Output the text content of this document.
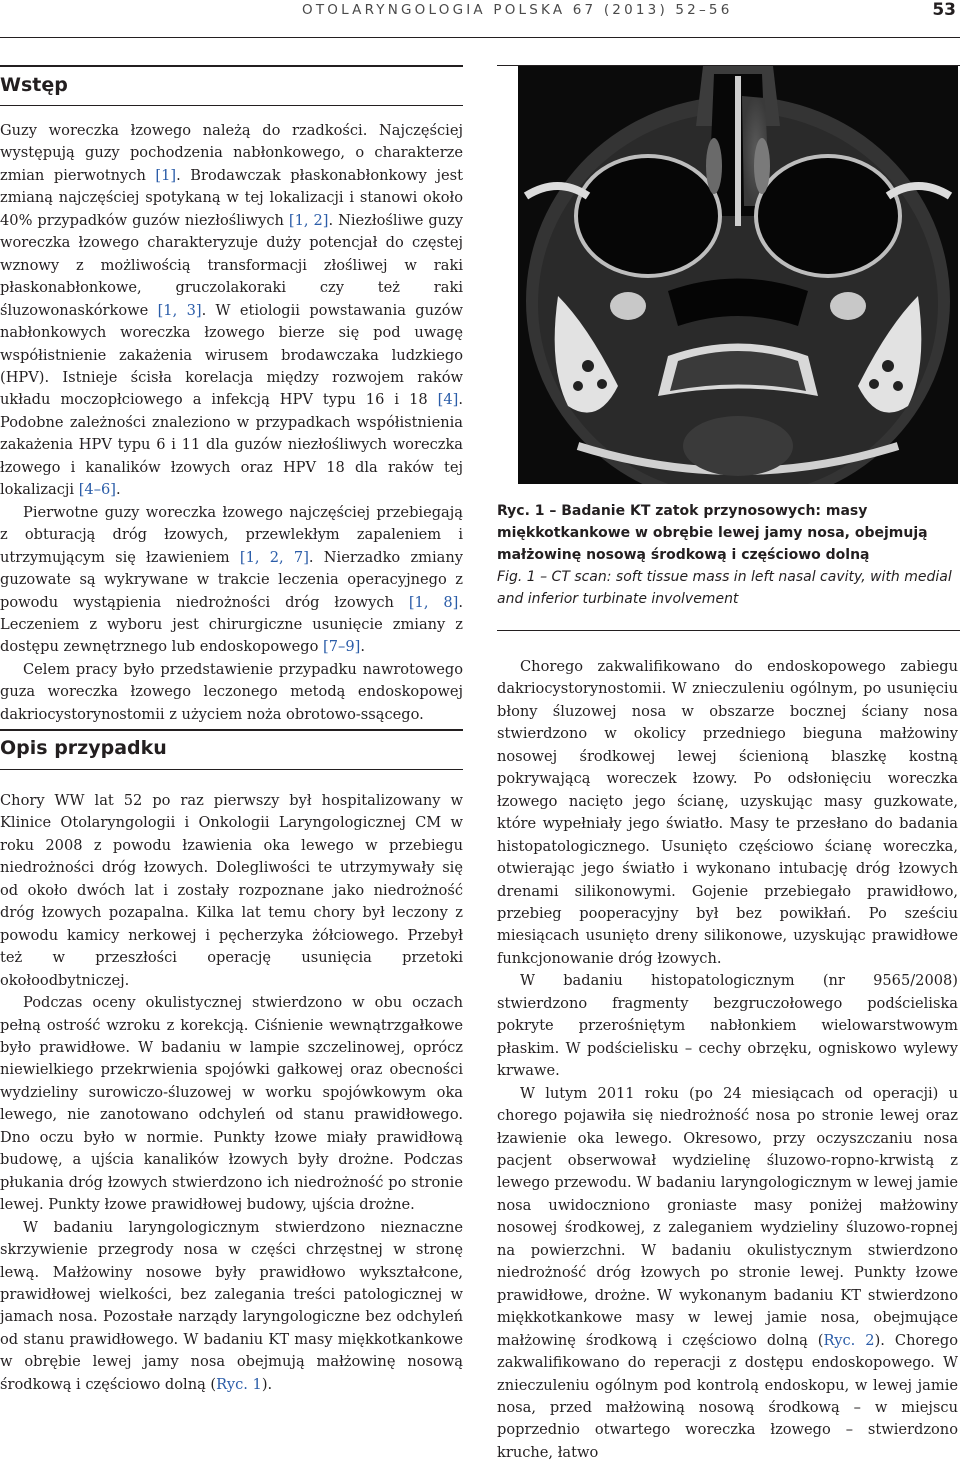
OTOLARYNGOLOGIA POLSKA 67 (2013) 52–56	53
Wstęp

Guzy woreczka łzowego należą do rzadkości. Najczęściej występują guzy pochodzenia nabłonkowego, o charakterze zmian pierwotnych [1]. Brodawczak płaskonabłonkowy jest zmianą najczęściej spotykaną w tej lokalizacji i stanowi około 40% przypadków guzów niezłośliwych [1, 2]. Niezłośliwe guzy woreczka łzowego charakteryzuje duży potencjał do częstej wznowy z możliwością transformacji złośliwej w raki płaskonabłonkowe, gruczolakoraki czy też raki śluzowonaskórkowe [1, 3]. W etiologii powstawania guzów nabłonkowych woreczka łzowego bierze się pod uwagę współistnienie zakażenia wirusem brodawczaka ludzkiego (HPV). Istnieje ścisła korelacja między rozwojem raków układu moczopłciowego a infekcją HPV typu 16 i 18 [4]. Podobne zależności znaleziono w przypadkach współistnienia zakażenia HPV typu 6 i 11 dla guzów niezłośliwych woreczka łzowego i kanalików łzowych oraz HPV 18 dla raków tej lokalizacji [4–6].

Pierwotne guzy woreczka łzowego najczęściej przebiegają z obturacją dróg łzowych, przewlekłym zapaleniem i utrzymującym się łzawieniem [1, 2, 7]. Nierzadko zmiany guzowate są wykrywane w trakcie leczenia operacyjnego z powodu wystąpienia niedrożności dróg łzowych [1, 8]. Leczeniem z wyboru jest chirurgiczne usunięcie zmiany z dostępu zewnętrznego lub endoskopowego [7–9].

Celem pracy było przedstawienie przypadku nawrotowego guza woreczka łzowego leczonego metodą endoskopowej dakriocystorynostomii z użyciem noża obrotowo-ssącego.

Opis przypadku

Chory WW lat 52 po raz pierwszy był hospitalizowany w Klinice Otolaryngologii i Onkologii Laryngologicznej CM w roku 2008 z powodu łzawienia oka lewego w przebiegu niedrożności dróg łzowych. Dolegliwości te utrzymywały się od około dwóch lat i zostały rozpoznane jako niedrożność dróg łzowych pozapalna. Kilka lat temu chory był leczony z powodu kamicy nerkowej i pęcherzyka żółciowego. Przebył też w przeszłości operację usunięcia przetoki okołoodbytniczej.

Podczas oceny okulistycznej stwierdzono w obu oczach pełną ostrość wzroku z korekcją. Ciśnienie wewnątrzgałkowe było prawidłowe. W badaniu w lampie szczelinowej, oprócz niewielkiego przekrwienia spojówki gałkowej oraz obecności wydzieliny surowiczo-śluzowej w worku spojówkowym oka lewego, nie zanotowano odchyleń od stanu prawidłowego. Dno oczu było w normie. Punkty łzowe miały prawidłową budowę, a ujścia kanalików łzowych były drożne. Podczas płukania dróg łzowych stwierdzono ich niedrożność po stronie lewej. Punkty łzowe prawidłowej budowy, ujścia drożne.

W badaniu laryngologicznym stwierdzono nieznaczne skrzywienie przegrody nosa w części chrzęstnej w stronę lewą. Małżowiny nosowe były prawidłowo wykształcone, prawidłowej wielkości, bez zalegania treści patologicznej w jamach nosa. Pozostałe narządy laryngologiczne bez odchyleń od stanu prawidłowego. W badaniu KT masy miękkotkankowe w obrębie lewej jamy nosa obejmują małżowinę nosową środkową i częściowo dolną (Ryc. 1).

Ryc. 1 – Badanie KT zatok przynosowych: masy miękkotkankowe w obrębie lewej jamy nosa, obejmują małżowinę nosową środkową i częściowo dolną
Fig. 1 – CT scan: soft tissue mass in left nasal cavity, with medial and inferior turbinate involvement

Chorego zakwalifikowano do endoskopowego zabiegu dakriocystorynostomii. W znieczuleniu ogólnym, po usunięciu błony śluzowej nosa w obszarze bocznej ściany nosa stwierdzono w okolicy przedniego bieguna małżowiny nosowej środkowej lewej ścienioną blaszkę kostną pokrywającą woreczek łzowy. Po odsłonięciu woreczka łzowego nacięto jego ścianę, uzyskując masy guzkowate, które wypełniały jego światło. Masy te przesłano do badania histopatologicznego. Usunięto częściowo ścianę woreczka, otwierając jego światło i wykonano intubację dróg łzowych drenami silikonowymi. Gojenie przebiegało prawidłowo, przebieg pooperacyjny był bez powikłań. Po sześciu miesiącach usunięto dreny silikonowe, uzyskując prawidłowe funkcjonowanie dróg łzowych.

W badaniu histopatologicznym (nr 9565/2008) stwierdzono fragmenty bezgruczołowego podścieliska pokryte przerośniętym nabłonkiem wielowarstwowym płaskim. W podścielisku – cechy obrzęku, ogniskowo wylewy krwawe.

W lutym 2011 roku (po 24 miesiącach od operacji) u chorego pojawiła się niedrożność nosa po stronie lewej oraz łzawienie oka lewego. Okresowo, przy oczyszczaniu nosa pacjent obserwował wydzielinę śluzowo-ropno-krwistą z lewego przewodu. W badaniu laryngologicznym w lewej jamie nosa uwidoczniono groniaste masy poniżej małżowiny nosowej środkowej, z zaleganiem wydzieliny śluzowo-ropnej na powierzchni. W badaniu okulistycznym stwierdzono niedrożność dróg łzowych po stronie lewej. Punkty łzowe prawidłowe, drożne. W wykonanym badaniu KT stwierdzono miękkotkankowe masy w lewej jamie nosa, obejmujące małżowinę środkową i częściowo dolną (Ryc. 2). Chorego zakwalifikowano do reperacji z dostępu endoskopowego. W znieczuleniu ogólnym pod kontrolą endoskopu, w lewej jamie nosa, przed małżowiną nosową środkową – w miejscu poprzednio otwartego woreczka łzowego – stwierdzono kruche, łatwo
